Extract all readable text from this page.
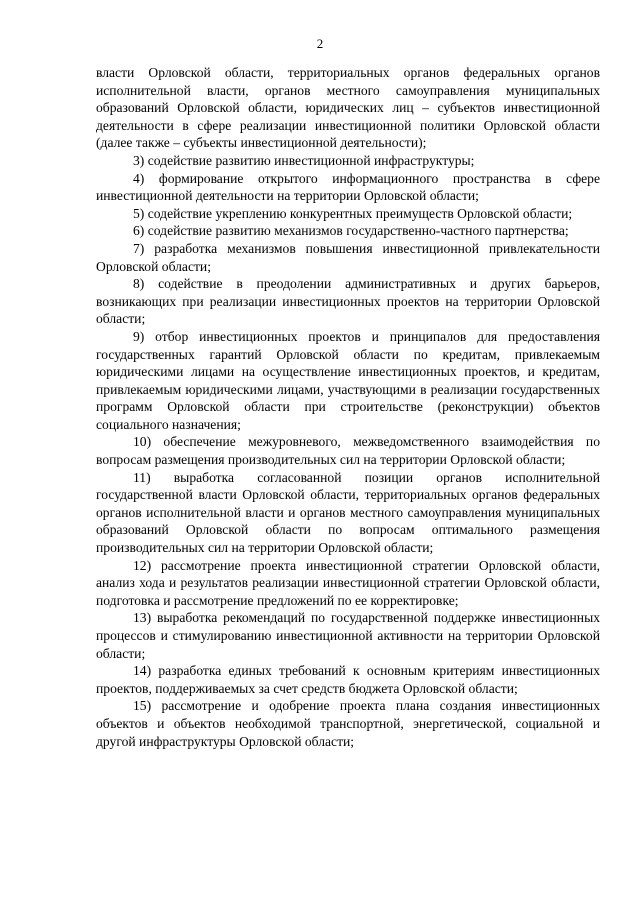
2

власти Орловской области, территориальных органов федеральных органов исполнительной власти, органов местного самоуправления муниципальных образований Орловской области, юридических лиц – субъектов инвестиционной деятельности в сфере реализации инвестиционной политики Орловской области (далее также – субъекты инвестиционной деятельности);

3) содействие развитию инвестиционной инфраструктуры;

4) формирование открытого информационного пространства в сфере инвестиционной деятельности на территории Орловской области;

5) содействие укреплению конкурентных преимуществ Орловской области;

6) содействие развитию механизмов государственно-частного партнерства;

7) разработка механизмов повышения инвестиционной привлекательности Орловской области;

8) содействие в преодолении административных и других барьеров, возникающих при реализации инвестиционных проектов на территории Орловской области;

9) отбор инвестиционных проектов и принципалов для предоставления государственных гарантий Орловской области по кредитам, привлекаемым юридическими лицами на осуществление инвестиционных проектов, и кредитам, привлекаемым юридическими лицами, участвующими в реализации государственных программ Орловской области при строительстве (реконструкции) объектов социального назначения;

10) обеспечение межуровневого, межведомственного взаимодействия по вопросам размещения производительных сил на территории Орловской области;

11) выработка согласованной позиции органов исполнительной государственной власти Орловской области, территориальных органов федеральных органов исполнительной власти и органов местного самоуправления муниципальных образований Орловской области по вопросам оптимального размещения производительных сил на территории Орловской области;

12) рассмотрение проекта инвестиционной стратегии Орловской области, анализ хода и результатов реализации инвестиционной стратегии Орловской области, подготовка и рассмотрение предложений по ее корректировке;

13) выработка рекомендаций по государственной поддержке инвестиционных процессов и стимулированию инвестиционной активности на территории Орловской области;

14) разработка единых требований к основным критериям инвестиционных проектов, поддерживаемых за счет средств бюджета Орловской области;

15) рассмотрение и одобрение проекта плана создания инвестиционных объектов и объектов необходимой транспортной, энергетической, социальной и другой инфраструктуры Орловской области;
